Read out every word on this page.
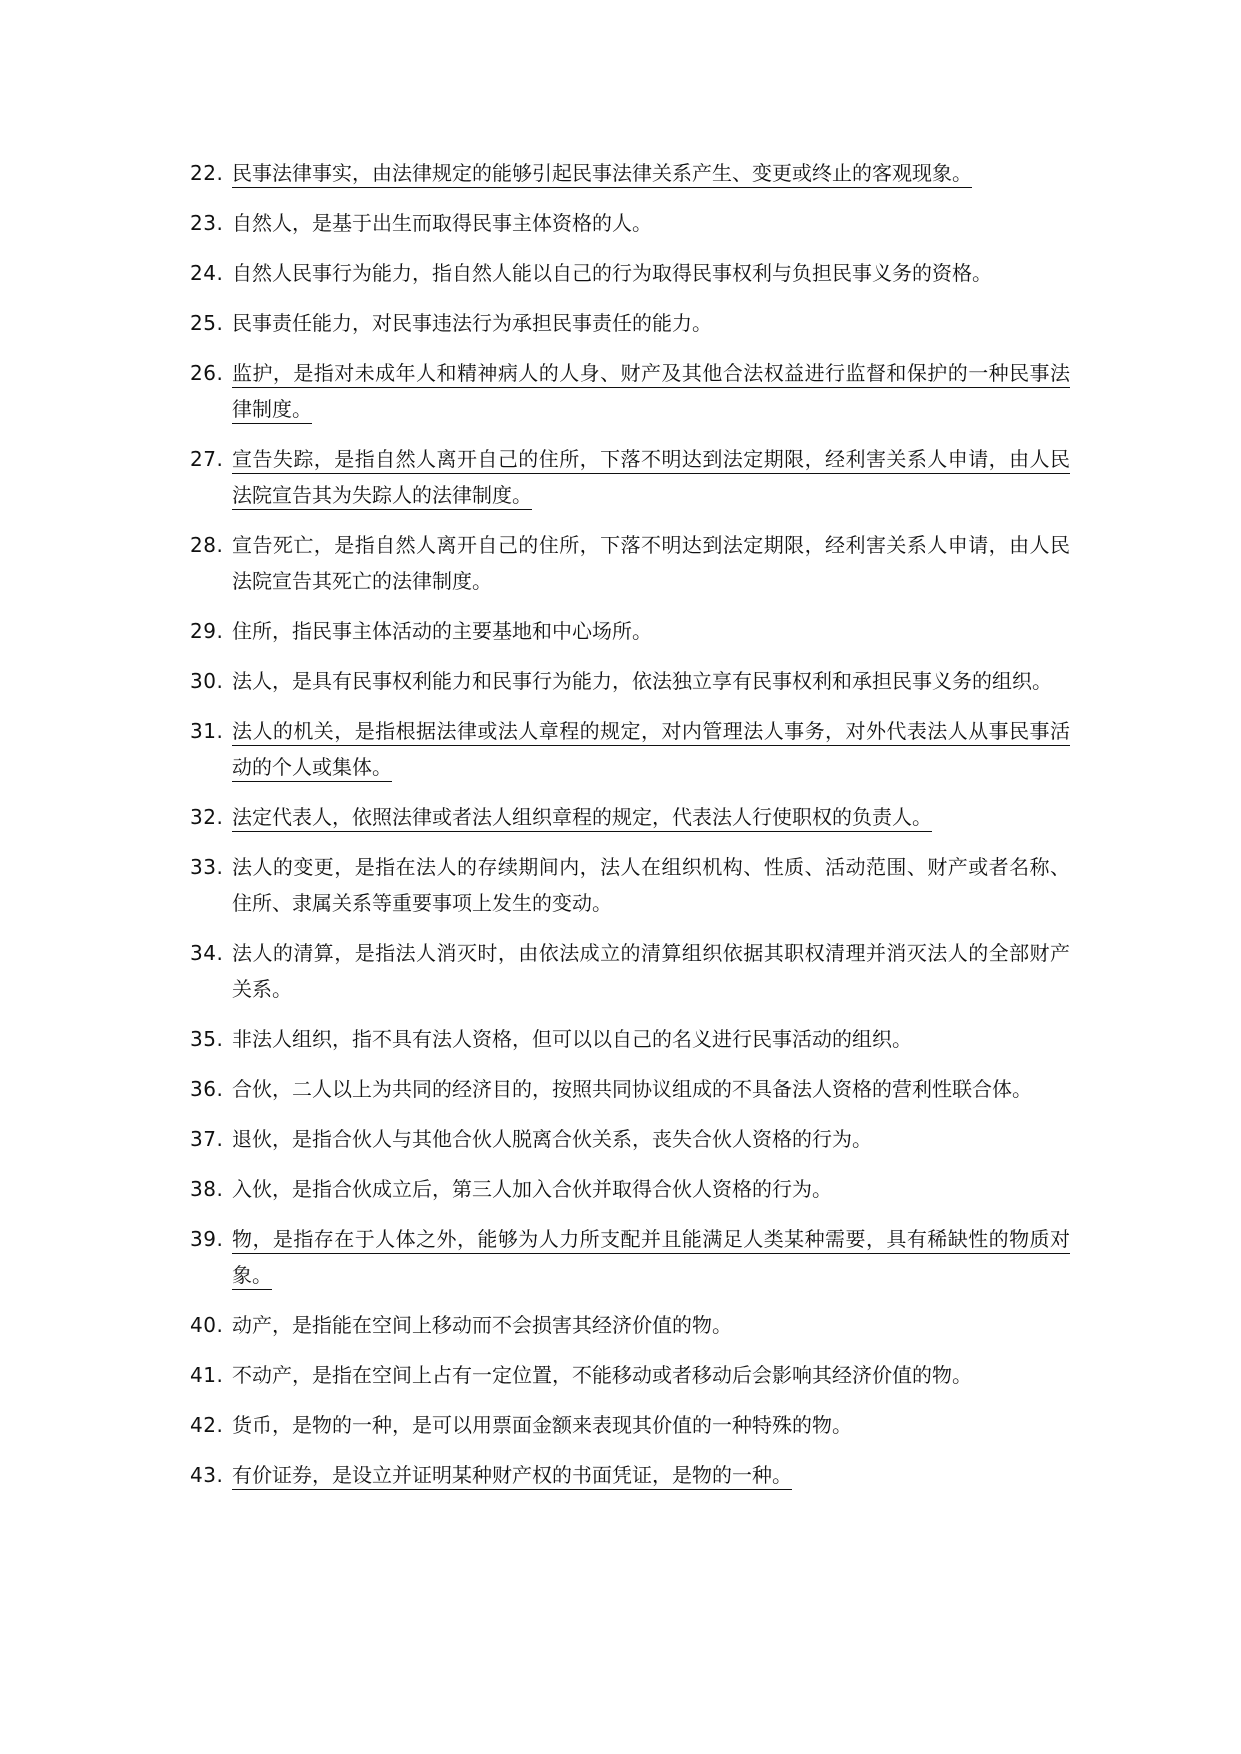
22. 民事法律事实，由法律规定的能够引起民事法律关系产生、变更或终止的客观现象。
23. 自然人，是基于出生而取得民事主体资格的人。
24. 自然人民事行为能力，指自然人能以自己的行为取得民事权利与负担民事义务的资格。
25. 民事责任能力，对民事违法行为承担民事责任的能力。
26. 监护，是指对未成年人和精神病人的人身、财产及其他合法权益进行监督和保护的一种民事法律制度。
27. 宣告失踪，是指自然人离开自己的住所，下落不明达到法定期限，经利害关系人申请，由人民法院宣告其为失踪人的法律制度。
28. 宣告死亡，是指自然人离开自己的住所，下落不明达到法定期限，经利害关系人申请，由人民法院宣告其死亡的法律制度。
29. 住所，指民事主体活动的主要基地和中心场所。
30. 法人，是具有民事权利能力和民事行为能力，依法独立享有民事权利和承担民事义务的组织。
31. 法人的机关，是指根据法律或法人章程的规定，对内管理法人事务，对外代表法人从事民事活动的个人或集体。
32. 法定代表人，依照法律或者法人组织章程的规定，代表法人行使职权的负责人。
33. 法人的变更，是指在法人的存续期间内，法人在组织机构、性质、活动范围、财产或者名称、住所、隶属关系等重要事项上发生的变动。
34. 法人的清算，是指法人消灭时，由依法成立的清算组织依据其职权清理并消灭法人的全部财产关系。
35. 非法人组织，指不具有法人资格，但可以以自己的名义进行民事活动的组织。
36. 合伙，二人以上为共同的经济目的，按照共同协议组成的不具备法人资格的营利性联合体。
37. 退伙，是指合伙人与其他合伙人脱离合伙关系，丧失合伙人资格的行为。
38. 入伙，是指合伙成立后，第三人加入合伙并取得合伙人资格的行为。
39. 物，是指存在于人体之外，能够为人力所支配并且能满足人类某种需要，具有稀缺性的物质对象。
40. 动产，是指能在空间上移动而不会损害其经济价值的物。
41. 不动产，是指在空间上占有一定位置，不能移动或者移动后会影响其经济价值的物。
42. 货币，是物的一种，是可以用票面金额来表现其价值的一种特殊的物。
43. 有价证券，是设立并证明某种财产权的书面凭证，是物的一种。
